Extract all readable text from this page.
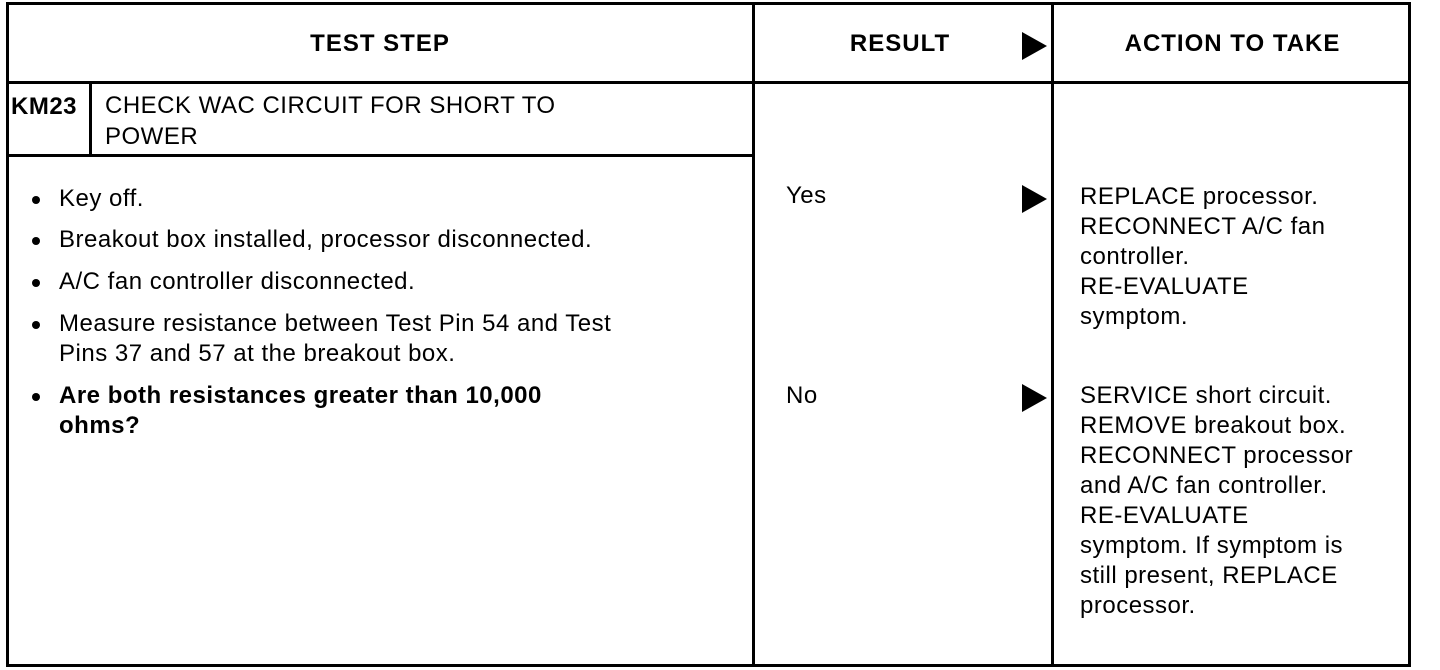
TEST STEP	RESULT	ACTION TO TAKE
KM23 CHECK WAC CIRCUIT FOR SHORT TO
POWER
Key off.
Breakout box installed, processor disconnected.
A/C fan controller disconnected.
Measure resistance between Test Pin 54 and Test
Pins 37 and 57 at the breakout box.
Are both resistances greater than 10,000
ohms?
Yes
No
REPLACE processor.
RECONNECT A/C fan
controller.
RE-EVALUATE
symptom.
SERVICE short circuit.
REMOVE breakout box.
RECONNECT processor
and A/C fan controller.
RE-EVALUATE
symptom. If symptom is
still present, REPLACE
processor.
